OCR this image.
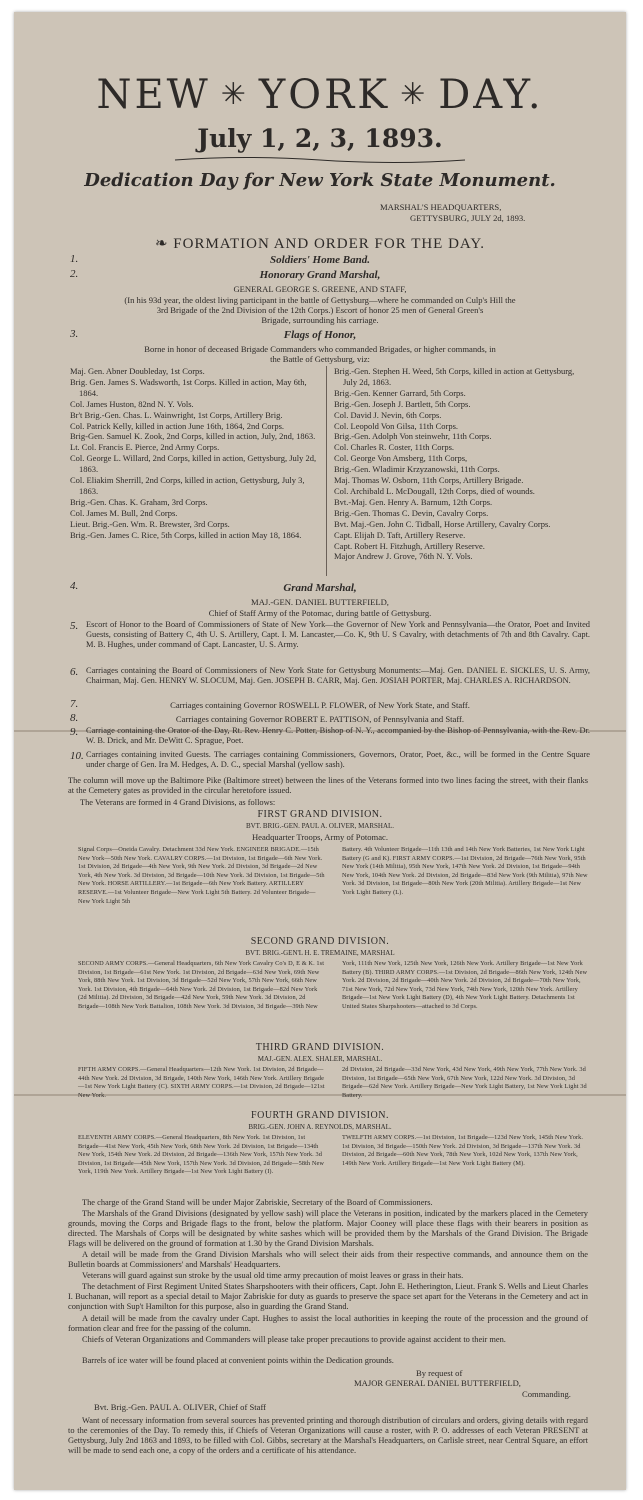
NEW ✳ YORK ✳ DAY.
July 1, 2, 3, 1893.
Dedication Day for New York State Monument.
MARSHAL'S HEADQUARTERS,
GETTYSBURG, JULY 2d, 1893.
❧ FORMATION AND ORDER FOR THE DAY.
1.	Soldiers' Home Band.
2.	Honorary Grand Marshal,
GENERAL GEORGE S. GREENE, AND STAFF,
(In his 93d year, the oldest living participant in the battle of Gettysburg—where he commanded on Culp's Hill the
3rd Brigade of the 2nd Division of the 12th Corps.) Escort of honor 25 men of General Green's
Brigade, surrounding his carriage.
3.	Flags of Honor,
Borne in honor of deceased Brigade Commanders who commanded Brigades, or higher commands, in
the Battle of Gettysburg, viz:
Maj. Gen. Abner Doubleday, 1st Corps.
Brig. Gen. James S. Wadsworth, 1st Corps. Killed in action, May 6th, 1864.
Col. James Huston, 82nd N. Y. Vols.
Br't Brig.-Gen. Chas. L. Wainwright, 1st Corps, Artillery Brig.
Col. Patrick Kelly, killed in action June 16th, 1864, 2nd Corps.
Brig-Gen. Samuel K. Zook, 2nd Corps, killed in action, July, 2nd, 1863.
Lt. Col. Francis E. Pierce, 2nd Army Corps.
Col. George L. Willard, 2nd Corps, killed in action, Gettysburg, July 2d, 1863.
Col. Eliakim Sherrill, 2nd Corps, killed in action, Gettysburg, July 3, 1863.
Brig.-Gen. Chas. K. Graham, 3rd Corps.
Col. James M. Bull, 2nd Corps.
Lieut. Brig.-Gen. Wm. R. Brewster, 3rd Corps.
Brig.-Gen. James C. Rice, 5th Corps, killed in action May 18, 1864.
Brig.-Gen. Stephen H. Weed, 5th Corps, killed in action at Gettysburg, July 2d, 1863.
Brig.-Gen. Kenner Garrard, 5th Corps.
Brig.-Gen. Joseph J. Bartlett, 5th Corps.
Col. David J. Nevin, 6th Corps.
Col. Leopold Von Gilsa, 11th Corps.
Brig.-Gen. Adolph Von steinwehr, 11th Corps.
Col. Charles R. Coster, 11th Corps.
Col. George Von Amsberg, 11th Corps,
Brig.-Gen. Wladimir Krzyzanowski, 11th Corps.
Maj. Thomas W. Osborn, 11th Corps, Artillery Brigade.
Col. Archibald L. McDougall, 12th Corps, died of wounds.
Bvt.-Maj. Gen. Henry A. Barnum, 12th Corps.
Brig.-Gen. Thomas C. Devin, Cavalry Corps.
Bvt. Maj.-Gen. John C. Tidball, Horse Artillery, Cavalry Corps.
Capt. Elijah D. Taft, Artillery Reserve.
Capt. Robert H. Fitzhugh, Artillery Reserve.
Major Andrew J. Grove, 76th N. Y. Vols.
4.	Grand Marshal,
MAJ.-GEN. DANIEL BUTTERFIELD,
Chief of Staff Army of the Potomac, during battle of Gettysburg.
5. Escort of Honor to the Board of Commissioners of State of New York—the Governor of New York and Pennsylvania—the Orator, Poet and Invited Guests, consisting of Battery C, 4th U. S. Artillery, Capt. I. M. Lancaster,—Co. K, 9th U. S Cavalry, with detachments of 7th and 8th Cavalry. Capt. M. B. Hughes, under command of Capt. Lancaster, U. S. Army.
6. Carriages containing the Board of Commissioners of New York State for Gettysburg Monuments:—Maj. Gen. DANIEL E. SICKLES, U. S. Army, Chairman, Maj. Gen. HENRY W. SLOCUM, Maj. Gen. JOSEPH B. CARR, Maj. Gen. JOSIAH PORTER, Maj. CHARLES A. RICHARDSON.
7.	Carriages containing Governor ROSWELL P. FLOWER, of New York State, and Staff.
8.	Carriages containing Governor ROBERT E. PATTISON, of Pennsylvania and Staff.
9. Carriage containing the Orator of the Day, Rt. Rev. Henry C. Potter, Bishop of N. Y., accompanied by the Bishop of Pennsylvania, with the Rev. Dr. W. B. Drick, and Mr. DeWitt C. Sprague, Poet.
10. Carriages containing invited Guests. The carriages containing Commissioners, Governors, Orator, Poet, &c., will be formed in the Centre Square under charge of Gen. Ira M. Hedges, A. D. C., special Marshal (yellow sash).
The column will move up the Baltimore Pike (Baltimore street) between the lines of the Veterans formed into two lines facing the street, with their flanks at the Cemetery gates as provided in the circular heretofore issued.
The Veterans are formed in 4 Grand Divisions, as follows:
FIRST GRAND DIVISION.
BVT. BRIG.-GEN. PAUL A. OLIVER, MARSHAL.
Headquarter Troops, Army of Potomac.
Signal Corps—Oneida Cavalry. Detachment 33d New York. ENGINEER BRIGADE.—15th New York—50th New York. CAVALRY CORPS.—1st Division, 1st Brigade—6th New York. 1st Division, 2d Brigade—4th New York, 9th New York. 2d Division, 3d Brigade—2d New York, 4th New York. 3d Division, 3d Brigade—10th New York. 3d Division, 1st Brigade—5th New York. HORSE ARTILLERY.—1st Brigade—6th New York Battery. ARTILLERY RESERVE.—1st Volunteer Brigade—New York Light 5th Battery. 2d Volunteer Brigade—New York Light 5th
Battery. 4th Volunteer Brigade—11th 13th and 14th New York Batteries, 1st New York Light Battery (G and K). FIRST ARMY CORPS.—1st Division, 2d Brigade—76th New York, 95th New York (14th Militia), 95th New York, 147th New York. 2d Division, 1st Brigade—94th New York, 104th New York. 2d Division, 2d Brigade—83d New York (9th Militia), 97th New York. 3d Division, 1st Brigade—80th New York (20th Militia). Artillery Brigade—1st New York Light Battery (L).
SECOND GRAND DIVISION.
BVT. BRIG.-GEN'L H. E. TREMAINE, MARSHAL
SECOND ARMY CORPS.—General Headquarters, 6th New York Cavalry Co's D, E & K. 1st Division, 1st Brigade—61st New York. 1st Division, 2d Brigade—63d New York, 69th New York, 88th New York. 1st Division, 3d Brigade—52d New York, 57th New York, 66th New York. 1st Division, 4th Brigade—64th New York. 2d Division, 1st Brigade—82d New York (2d Militia). 2d Division, 3d Brigade—42d New York, 59th New York. 3d Division, 2d Brigade—108th New York Battalion, 108th New York. 3d Division, 3d Brigade—39th New
York, 111th New York, 125th New York, 126th New York. Artillery Brigade—1st New York Battery (B). THIRD ARMY CORPS.—1st Division, 2d Brigade—86th New York, 124th New York. 2d Division, 2d Brigade—40th New York. 2d Division, 2d Brigade—70th New York, 71st New York, 72d New York, 73d New York, 74th New York, 120th New York. Artillery Brigade—1st New York Light Battery (D), 4th New York Light Battery. Detachments 1st United States Sharpshooters—attached to 3d Corps.
THIRD GRAND DIVISION.
MAJ.-GEN. ALEX. SHALER, MARSHAL.
FIFTH ARMY CORPS.—General Headquarters—12th New York. 1st Division, 2d Brigade—44th New York. 2d Division, 3d Brigade, 140th New York, 146th New York. Artillery Brigade—1st New York Light Battery (C). SIXTH ARMY CORPS.—1st Division, 2d Brigade—121st New York.
2d Division, 2d Brigade—33d New York, 43d New York, 49th New York, 77th New York. 3d Division, 1st Brigade—65th New York, 67th New York, 122d New York. 3d Division, 3d Brigade—62d New York. Artillery Brigade—New York Light Battery, 1st New York Light 3d Battery.
FOURTH GRAND DIVISION.
BRIG.-GEN. JOHN A. REYNOLDS, MARSHAL.
ELEVENTH ARMY CORPS.—General Headquarters, 8th New York. 1st Division, 1st Brigade—41st New York, 45th New York, 68th New York. 2d Division, 1st Brigade—134th New York, 154th New York. 2d Division, 2d Brigade—136th New York, 157th New York. 3d Division, 1st Brigade—45th New York, 157th New York. 3d Division, 2d Brigade—58th New York, 119th New York. Artillery Brigade—1st New York Light Battery (I).
TWELFTH ARMY CORPS.—1st Division, 1st Brigade—123d New York, 145th New York. 1st Division, 3d Brigade—150th New York. 2d Division, 3d Brigade—137th New York. 3d Division, 2d Brigade—60th New York, 78th New York, 102d New York, 137th New York, 149th New York. Artillery Brigade—1st New York Light Battery (M).
The charge of the Grand Stand will be under Major Zabriskie, Secretary of the Board of Commissioners.
The Marshals of the Grand Divisions (designated by yellow sash) will place the Veterans in position, indicated by the markers placed in the Cemetery grounds, moving the Corps and Brigade flags to the front, below the platform. Major Cooney will place these flags with their bearers in position as directed. The Marshals of Corps will be designated by white sashes which will be provided them by the Marshals of the Grand Division. The Brigade Flags will be delivered on the ground of formation at 1.30 by the Grand Division Marshals.
A detail will be made from the Grand Division Marshals who will select their aids from their respective commands, and announce them on the Bulletin boards at Commissioners' and Marshals' Headquarters.
Veterans will guard against sun stroke by the usual old time army precaution of moist leaves or grass in their hats.
The detachment of First Regiment United States Sharpshooters with their officers, Capt. John E. Hetherington, Lieut. Frank S. Wells and Lieut Charles I. Buchanan, will report as a special detail to Major Zabriskie for duty as guards to preserve the space set apart for the Veterans in the Cemetery and act in conjunction with Sup't Hamilton for this purpose, also in guarding the Grand Stand.
A detail will be made from the cavalry under Capt. Hughes to assist the local authorities in keeping the route of the procession and the ground of formation clear and free for the passing of the column.
Chiefs of Veteran Organizations and Commanders will please take proper precautions to provide against accident to their men.
Barrels of ice water will be found placed at convenient points within the Dedication grounds.
By request of
MAJOR GENERAL DANIEL BUTTERFIELD,
Commanding.
Bvt. Brig.-Gen. PAUL A. OLIVER, Chief of Staff
Want of necessary information from several sources has prevented printing and thorough distribution of circulars and orders, giving details with regard to the ceremonies of the Day. To remedy this, if Chiefs of Veteran Organizations will cause a roster, with P. O. addresses of each Veteran PRESENT at Gettysburg, July 2nd 1863 and 1893, to be filled with Col. Gibbs, secretary at the Marshal's Headquarters, on Carlisle street, near Central Square, an effort will be made to send each one, a copy of the orders and a certificate of his attendance.
